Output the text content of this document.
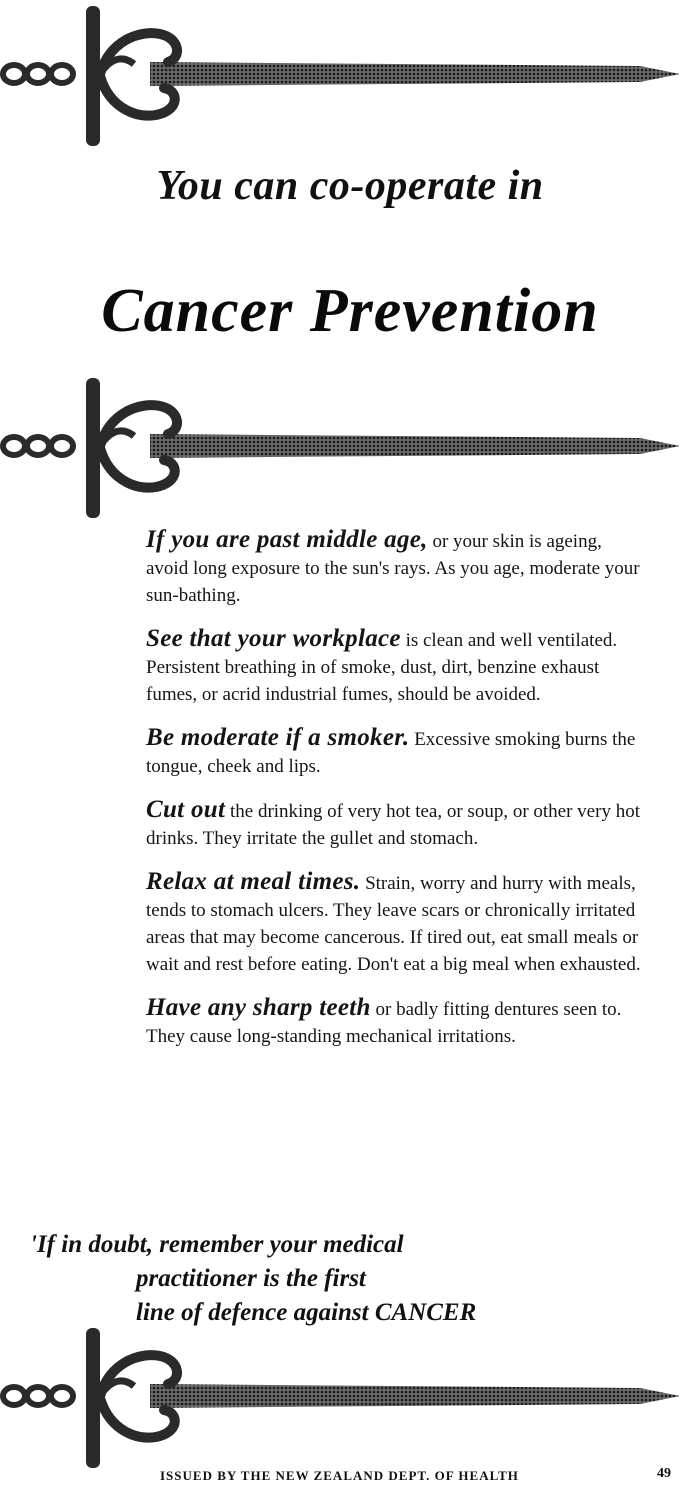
You can co-operate in
Cancer Prevention

If you are past middle age, or your skin is ageing, avoid long exposure to the sun's rays. As you age, moderate your sun-bathing.

See that your workplace is clean and well ventilated. Persistent breathing in of smoke, dust, dirt, benzine exhaust fumes, or acrid industrial fumes, should be avoided.

Be moderate if a smoker. Excessive smoking burns the tongue, cheek and lips.

Cut out the drinking of very hot tea, or soup, or other very hot drinks. They irritate the gullet and stomach.

Relax at meal times. Strain, worry and hurry with meals, tends to stomach ulcers. They leave scars or chronically irritated areas that may become cancerous. If tired out, eat small meals or wait and rest before eating. Don't eat a big meal when exhausted.

Have any sharp teeth or badly fitting dentures seen to. They cause long-standing mechanical irritations.

'If in doubt, remember your medical
practitioner is the first
line of defence against CANCER

ISSUED BY THE NEW ZEALAND DEPT. OF HEALTH	49
